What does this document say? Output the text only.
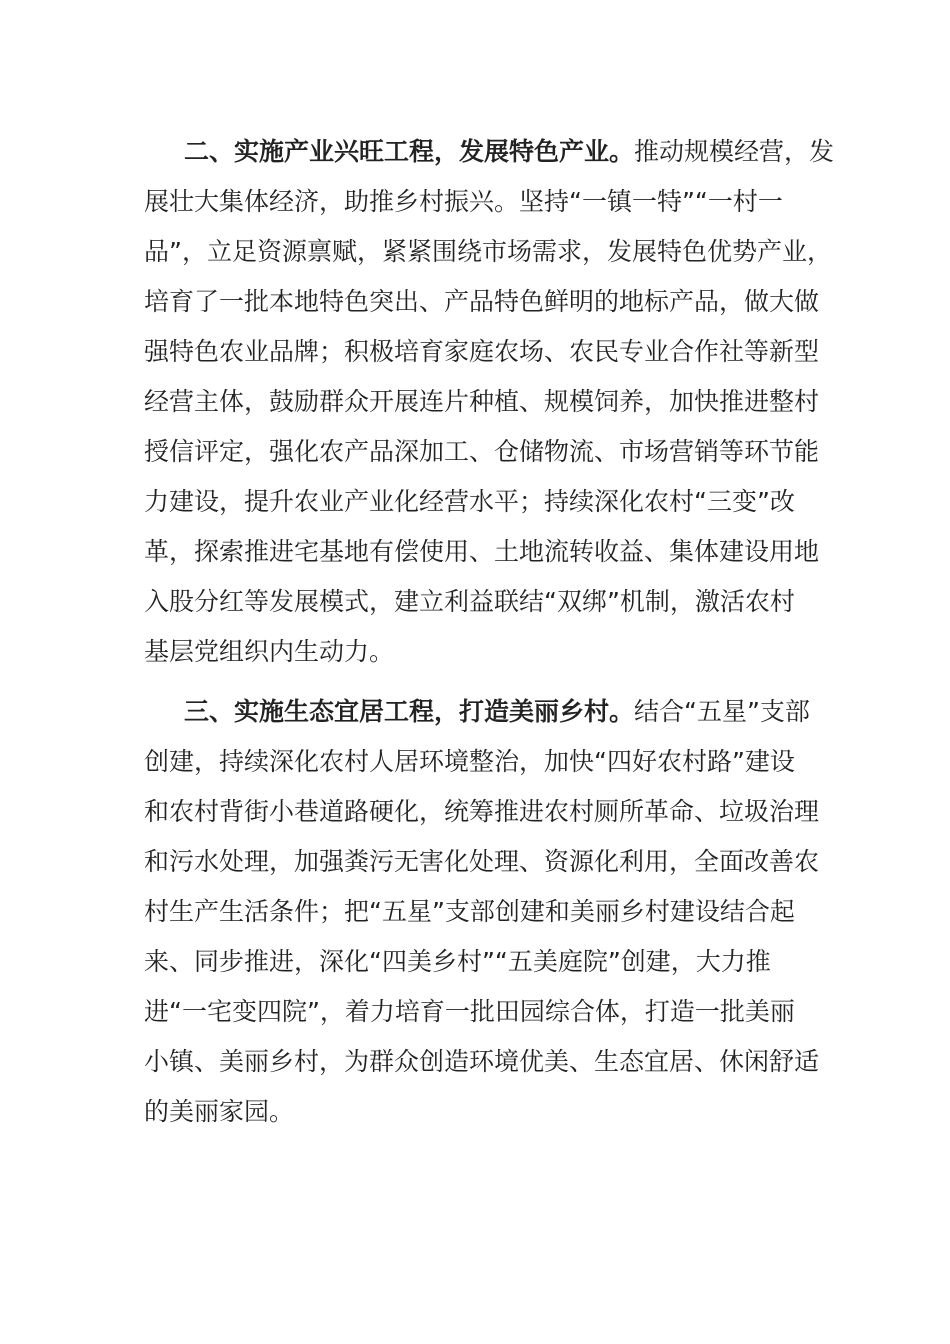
二、实施产业兴旺工程，发展特色产业。推动规模经营，发
展壮大集体经济，助推乡村振兴。坚持“一镇一特”“一村一
品”，立足资源禀赋，紧紧围绕市场需求，发展特色优势产业，
培育了一批本地特色突出、产品特色鲜明的地标产品，做大做
强特色农业品牌；积极培育家庭农场、农民专业合作社等新型
经营主体，鼓励群众开展连片种植、规模饲养，加快推进整村
授信评定，强化农产品深加工、仓储物流、市场营销等环节能
力建设，提升农业产业化经营水平；持续深化农村“三变”改
革，探索推进宅基地有偿使用、土地流转收益、集体建设用地
入股分红等发展模式，建立利益联结“双绑”机制，激活农村
基层党组织内生动力。
三、实施生态宜居工程，打造美丽乡村。结合“五星”支部
创建，持续深化农村人居环境整治，加快“四好农村路”建设
和农村背街小巷道路硬化，统筹推进农村厕所革命、垃圾治理
和污水处理，加强粪污无害化处理、资源化利用，全面改善农
村生产生活条件；把“五星”支部创建和美丽乡村建设结合起
来、同步推进，深化“四美乡村”“五美庭院”创建，大力推
进“一宅变四院”，着力培育一批田园综合体，打造一批美丽
小镇、美丽乡村，为群众创造环境优美、生态宜居、休闲舒适
的美丽家园。
